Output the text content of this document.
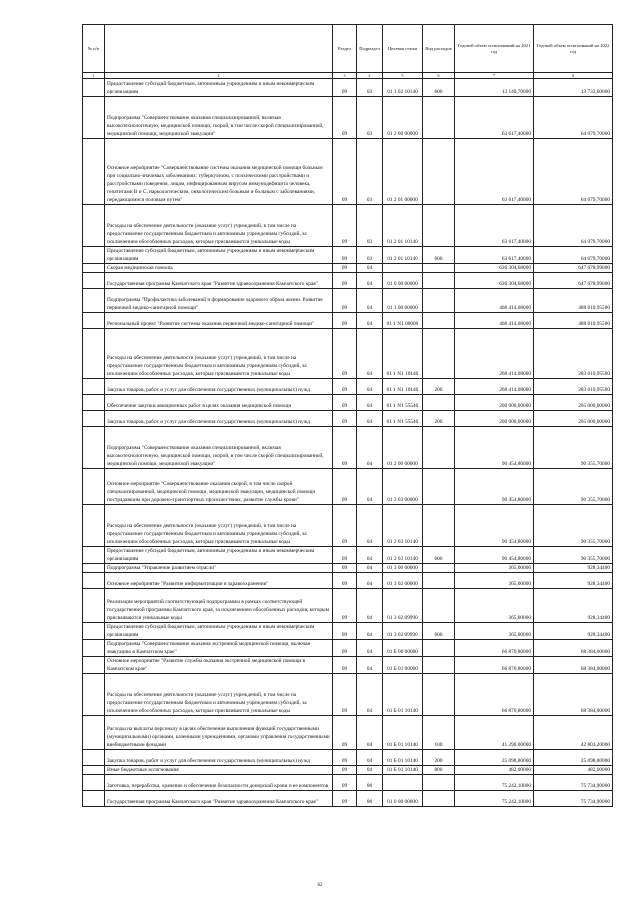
№ п/п		Раздел	Подраздел	Целевая статья	Вид расходов	Годовой объем ассигнований на 2021 год	Годовой объем ассигнований на 2022 год
1	2	3	4	5	6	7	8
	Предоставление субсидий бюджетным, автономным учреждениям и иным некоммерческим организациям	09	03	01 1 02 10140	600	13 140,70000	13 733,60000
	Подпрограмма "Совершенствование оказания специализированной, включая высокотехнологичную, медицинской помощи, скорой, в том числе скорой специализированной, медицинской помощи, медицинской эвакуации"	09	03	01 2 00 00000		63 617,40000	64 079,70000
	Основное мероприятие "Совершенствование системы оказания медицинской помощи больным при социально-значимых заболеваниях: туберкулезом, с психическими расстройствами и расстройствами поведения, лицам, инфицированным вирусом иммунодефицита человека, гепатитами B и C, наркологическим, онкологическим больным и больным с заболеваниями, передающимися половым путем"	09	03	01 2 01 00000		63 617,40000	64 079,70000
	Расходы на обеспечение деятельности (оказание услуг) учреждений, в том числе на предоставление государственным бюджетным и автономным учреждениям субсидий, за исключением обособленных расходов, которые присваиваются уникальные коды	09	03	01 2 01 10140		63 617,40000	64 079,70000
	Предоставление субсидий бюджетным, автономным учреждениям и иным некоммерческим организациям	09	03	01 2 01 10140	600	63 617,40000	64 079,70000
	Скорая медицинская помощь	09	04			626 304,68000	647 678,99000
	Государственная программа Камчатского края "Развитие здравоохранения Камчатского края"	09	04	01 0 00 00000		626 304,68000	647 678,99000
	Подпрограмма "Профилактика заболеваний и формирование здорового образа жизни. Развитие первичной медико-санитарной помощи"	09	04	01 1 00 00000		468 414,08000	488 010,95500
	Региональный проект "Развитие системы оказания первичной медико-санитарной помощи"	09	04	01 1 N1 00000		468 414,08000	488 010,95500
	Расходы на обеспечение деятельности (оказание услуг) учреждений, в том числе на предоставление государственным бюджетным и автономным учреждениям субсидий, за исключением обособленных расходов, которые присваиваются уникальные коды	09	04	01 1 N1 10140		268 414,08000	283 010,95500
	Закупка товаров, работ и услуг для обеспечения государственных (муниципальных) нужд	09	04	01 1 N1 10140	200	268 414,08000	283 010,95500
	Обеспечение закупки авиационных работ в целях оказания медицинской помощи	09	04	01 1 N1 55540		200 000,00000	205 000,00000
	Закупка товаров, работ и услуг для обеспечения государственных (муниципальных) нужд	09	04	01 1 N1 55540	200	200 000,00000	205 000,00000
	Подпрограмма "Совершенствование оказания специализированной, включая высокотехнологичную, медицинской помощи, скорой, в том числе скорой специализированной, медицинской помощи, медицинской эвакуации"	09	04	01 2 00 00000		90 454,80000	90 355,70000
	Основное мероприятие "Совершенствование оказания скорой, в том числе скорой специализированной, медицинской помощи, медицинской эвакуации, медицинской помощи пострадавшим при дорожно-транспортных происшествиях, развитие службы крови"	09	04	01 2 03 00000		90 454,80000	90 355,70000
	Расходы на обеспечение деятельности (оказание услуг) учреждений, в том числе на предоставление государственным бюджетным и автономным учреждениям субсидий, за исключением обособленных расходов, которые присваиваются уникальные коды	09	04	01 2 03 10140		90 454,80000	90 355,70000
	Предоставление субсидий бюджетным, автономным учреждениям и иным некоммерческим организациям	09	04	01 2 03 10140	600	90 454,80000	90 355,70000
	Подпрограмма "Управление развитием отрасли"	09	04	01 3 00 00000		365,00000	928,34400
	Основное мероприятие "Развитие информатизации в здравоохранении"	09	04	01 3 02 00000		365,00000	928,34400
	Реализация мероприятий соответствующей подпрограммы в рамках соответствующей государственной программы Камчатского края, за исключением обособленных расходов, которым присваиваются уникальные коды	09	04	01 3 02 09990		365,00000	928,34400
	Предоставление субсидий бюджетным, автономным учреждениям и иным некоммерческим организациям	09	04	01 3 02 09990	600	365,00000	928,34400
	Подпрограмма "Совершенствование оказания экстренной медицинской помощи, включая эвакуацию в Камчатском крае"	09	04	01 Б 00 00000		66 870,80000	68 384,00000
	Основное мероприятие "Развитие службы оказания экстренной медицинской помощи в Камчатском крае"	09	04	01 Б 01 00000		66 870,80000	68 384,00000
	Расходы на обеспечение деятельности (оказание услуг) учреждений, в том числе на предоставление государственным бюджетным и автономным учреждениям субсидий, за исключением обособленных расходов, которые присваиваются уникальные коды	09	04	01 Б 01 10140		66 870,80000	68 384,00000
	Расходы на выплаты персоналу в целях обеспечения выполнения функций государственными (муниципальными) органами, казенными учреждениями, органами управления государственными внебюджетными фондами	09	04	01 Б 01 10140	100	41 290,00000	42 803,20000
	Закупка товаров, работ и услуг для обеспечения государственных (муниципальных) нужд	09	04	01 Б 01 10140	200	25 098,80000	25 098,80000
	Иные бюджетные ассигнования	09	04	01 Б 01 10140	800	482,00000	482,00000
	Заготовка, переработка, хранение и обеспечение безопасности донорской крови и ее компонентов	09	06			75 242,10000	75 734,90000
	Государственная программа Камчатского края "Развитие здравоохранения Камчатского края"	09	06	01 0 00 00000		75 242,10000	75 734,90000
62
